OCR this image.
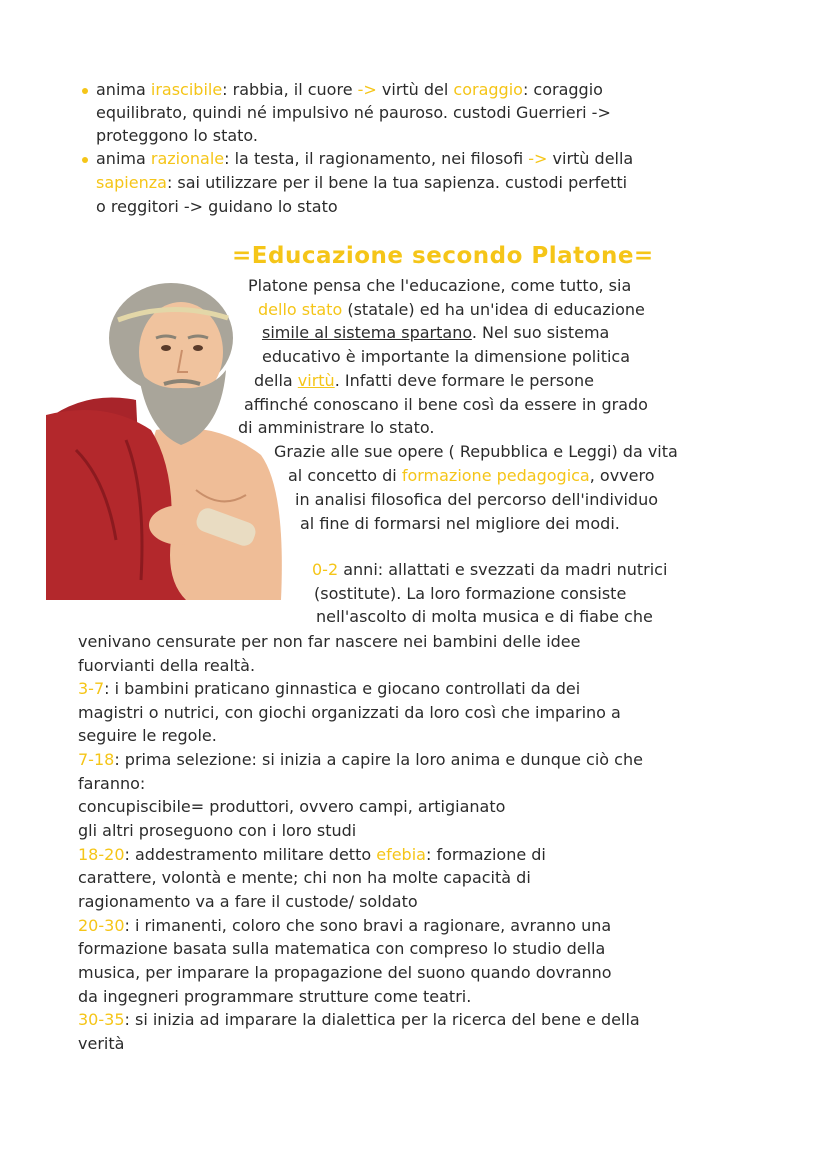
anima irascibile: rabbia, il cuore -> virtù del coraggio: coraggio
equilibrato, quindi né impulsivo né pauroso. custodi Guerrieri ->
proteggono lo stato.
anima razionale: la testa, il ragionamento, nei filosofi -> virtù della
sapienza: sai utilizzare per il bene la tua sapienza. custodi perfetti
o reggitori -> guidano lo stato
=Educazione secondo Platone=
Platone pensa che l'educazione, come tutto, sia
dello stato (statale) ed ha un'idea di educazione
simile al sistema spartano. Nel suo sistema
educativo è importante la dimensione politica
della virtù. Infatti deve formare le persone
affinché conoscano il bene così da essere in grado
di amministrare lo stato.
Grazie alle sue opere ( Repubblica e Leggi) da vita
al concetto di formazione pedagogica, ovvero
in analisi filosofica del percorso dell'individuo
al fine di formarsi nel migliore dei modi.
0-2 anni: allattati e svezzati da madri nutrici
(sostitute). La loro formazione consiste
nell'ascolto di molta musica e di fiabe che
venivano censurate per non far nascere nei bambini delle idee
fuorvianti della realtà.
3-7: i bambini praticano ginnastica e giocano controllati da dei
magistri o nutrici, con giochi organizzati da loro così che imparino a
seguire le regole.
7-18: prima selezione: si inizia a capire la loro anima e dunque ciò che
faranno:
concupiscibile= produttori, ovvero campi, artigianato
gli altri proseguono con i loro studi
18-20: addestramento militare detto efebia: formazione di
carattere, volontà e mente; chi non ha molte capacità di
ragionamento va a fare il custode/ soldato
20-30: i rimanenti, coloro che sono bravi a ragionare, avranno una
formazione basata sulla matematica con compreso lo studio della
musica, per imparare la propagazione del suono quando dovranno
da ingegneri programmare strutture come teatri.
30-35: si inizia ad imparare la dialettica per la ricerca del bene e della
verità
